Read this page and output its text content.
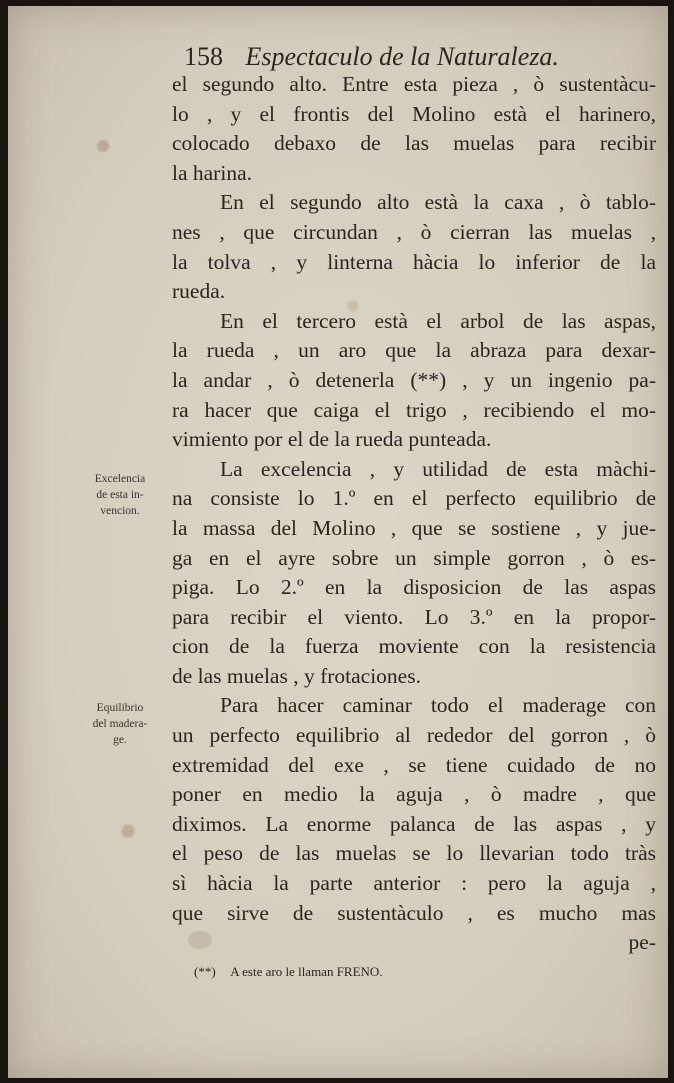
158 Espectaculo de la Naturaleza.
el segundo alto. Entre esta pieza , ò sustentàcu-
lo , y el frontis del Molino està el harinero,
colocado debaxo de las muelas para recibir
la harina.
En el segundo alto està la caxa , ò tablo-
nes , que circundan , ò cierran las muelas ,
la tolva , y linterna hàcia lo inferior de la
rueda.
En el tercero està el arbol de las aspas,
la rueda , un aro que la abraza para dexar-
la andar , ò detenerla (**) , y un ingenio pa-
ra hacer que caiga el trigo , recibiendo el mo-
vimiento por el de la rueda punteada.
La excelencia , y utilidad de esta màchi-
na consiste lo 1.º en el perfecto equilibrio de
la massa del Molino , que se sostiene , y jue-
ga en el ayre sobre un simple gorron , ò es-
piga. Lo 2.º en la disposicion de las aspas
para recibir el viento. Lo 3.º en la propor-
cion de la fuerza moviente con la resistencia
de las muelas , y frotaciones.
Para hacer caminar todo el maderage con
un perfecto equilibrio al rededor del gorron , ò
extremidad del exe , se tiene cuidado de no
poner en medio la aguja , ò madre , que
diximos. La enorme palanca de las aspas , y
el peso de las muelas se lo llevarian todo tràs
sì hàcia la parte anterior : pero la aguja ,
que sirve de sustentàculo , es mucho mas
pe-
Excelencia
de esta in-
vencion.
Equilibrio
del madera-
ge.
(**) A este aro le llaman FRENO.
